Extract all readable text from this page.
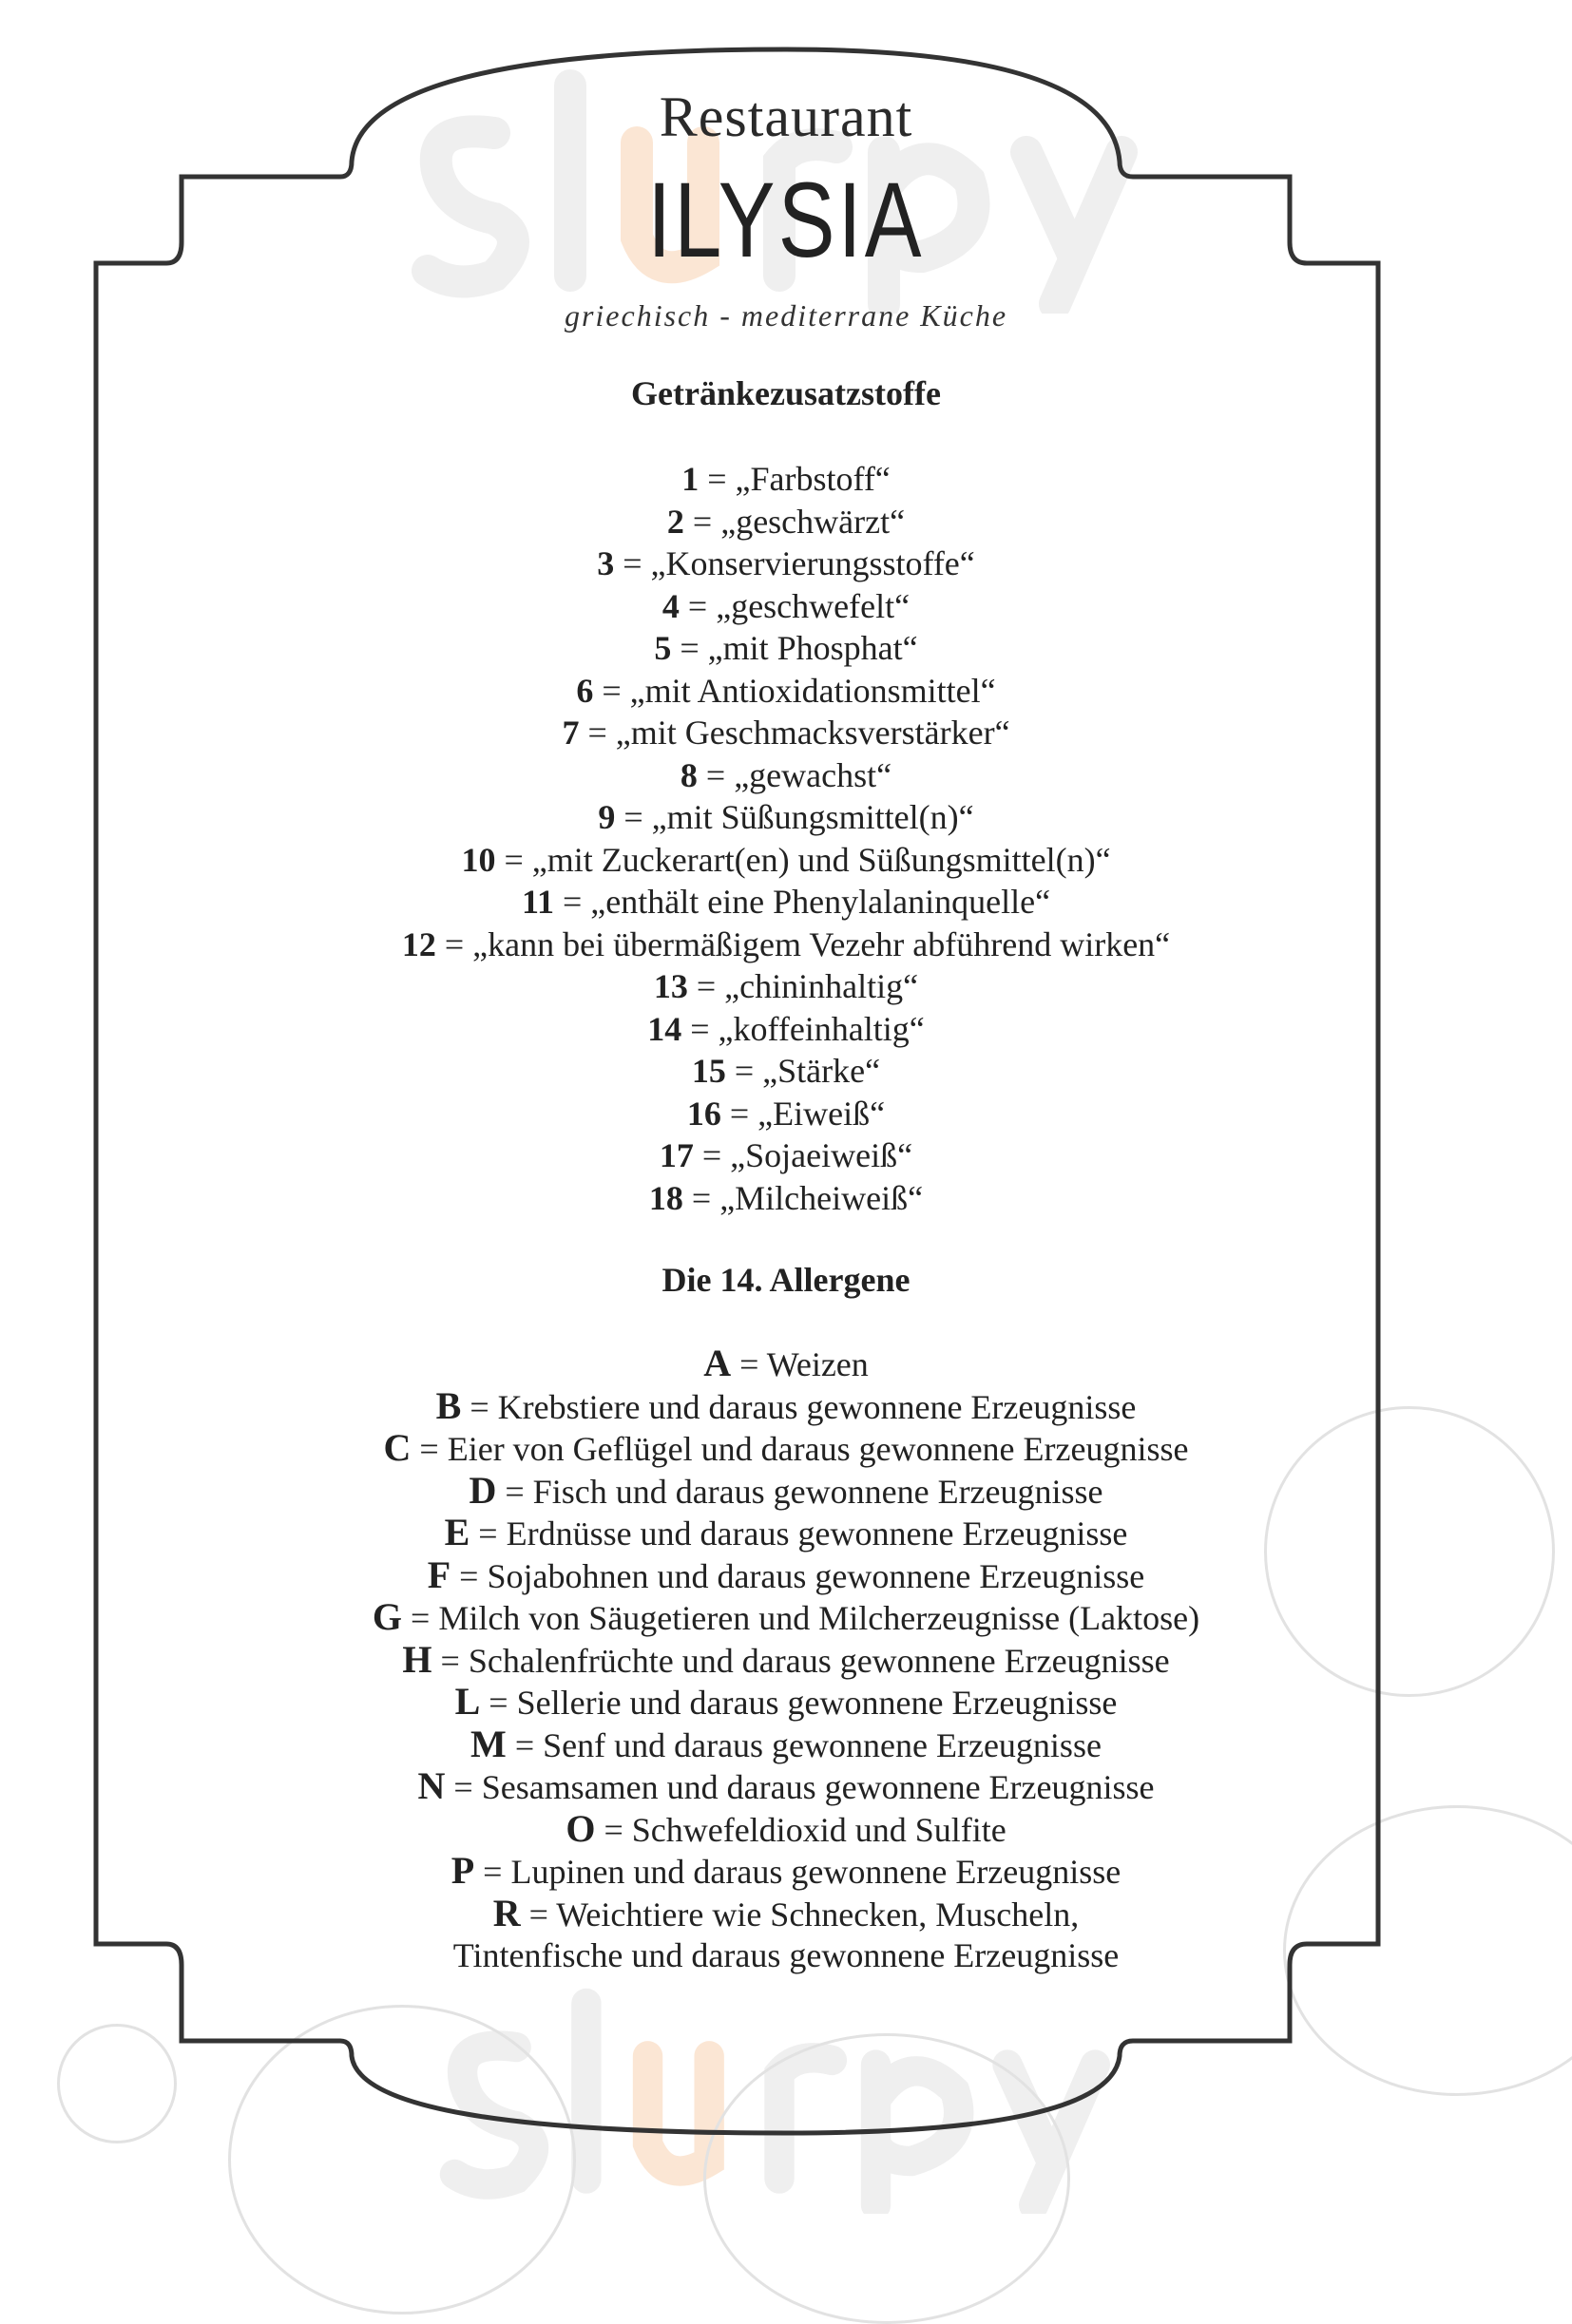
Restaurant
ILYSIA
griechisch - mediterrane Küche
Getränkezusatzstoffe
1 = „Farbstoff“
2 = „geschwärzt“
3 = „Konservierungsstoffe“
4 = „geschwefelt“
5 = „mit Phosphat“
6 = „mit Antioxidationsmittel“
7 = „mit Geschmacksverstärker“
8 = „gewachst“
9 = „mit Süßungsmittel(n)“
10 = „mit Zuckerart(en) und Süßungsmittel(n)“
11 = „enthält eine Phenylalaninquelle“
12 = „kann bei übermäßigem Vezehr abführend wirken“
13 = „chininhaltig“
14 = „koffeinhaltig“
15 = „Stärke“
16 = „Eiweiß“
17 = „Sojaeiweiß“
18 = „Milcheiweiß“
Die 14. Allergene
A = Weizen
B = Krebstiere und daraus gewonnene Erzeugnisse
C = Eier von Geflügel und daraus gewonnene Erzeugnisse
D = Fisch und daraus gewonnene Erzeugnisse
E = Erdnüsse und daraus gewonnene Erzeugnisse
F = Sojabohnen und daraus gewonnene Erzeugnisse
G = Milch von Säugetieren und Milcherzeugnisse (Laktose)
H = Schalenfrüchte und daraus gewonnene Erzeugnisse
L = Sellerie und daraus gewonnene Erzeugnisse
M = Senf und daraus gewonnene Erzeugnisse
N = Sesamsamen und daraus gewonnene Erzeugnisse
O = Schwefeldioxid und Sulfite
P = Lupinen und daraus gewonnene Erzeugnisse
R = Weichtiere wie Schnecken, Muscheln,
Tintenfische und daraus gewonnene Erzeugnisse
